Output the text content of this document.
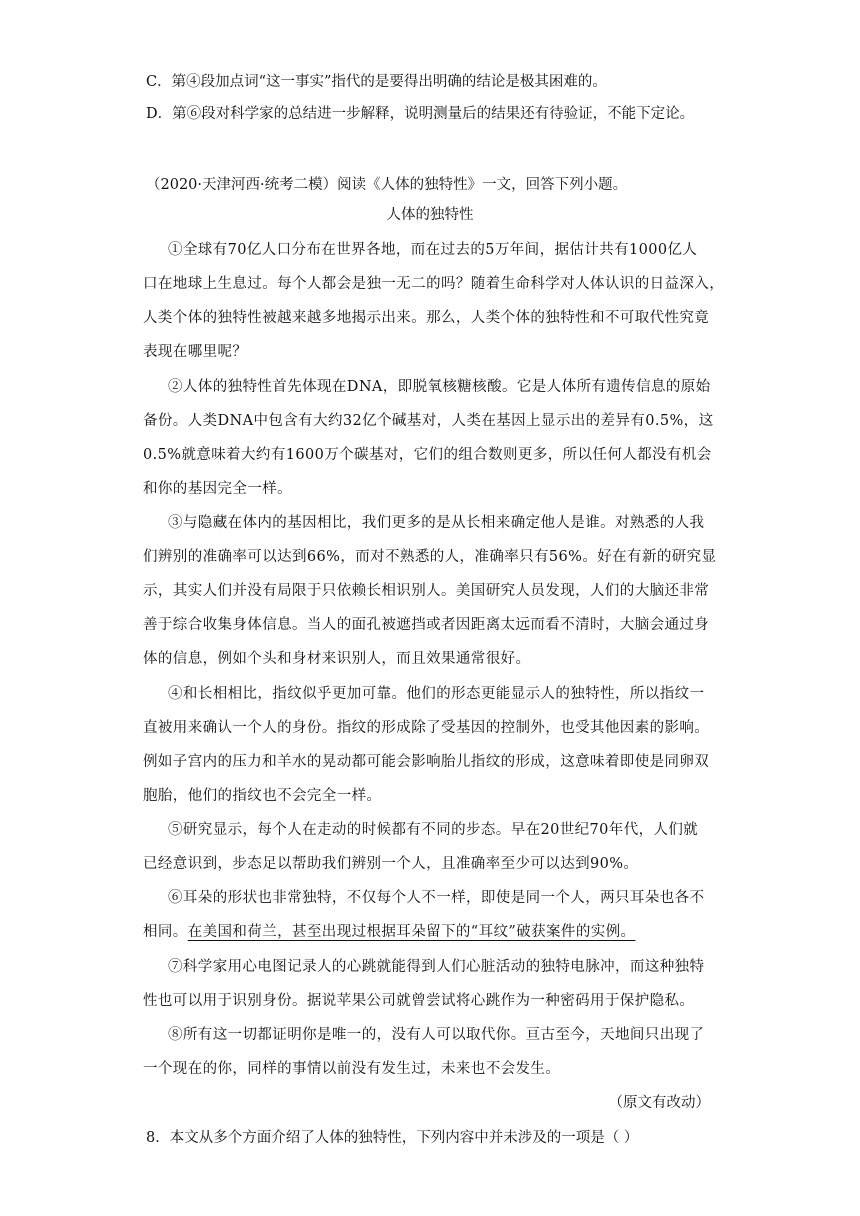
C．第④段加点词“这一事实”指代的是要得出明确的结论是极其困难的。
D．第⑥段对科学家的总结进一步解释，说明测量后的结果还有待验证，不能下定论。
（2020·天津河西·统考二模）阅读《人体的独特性》一文，回答下列小题。
人体的独特性
①全球有70亿人口分布在世界各地，而在过去的5万年间，据估计共有1000亿人
口在地球上生息过。每个人都会是独一无二的吗？随着生命科学对人体认识的日益深入，
人类个体的独特性被越来越多地揭示出来。那么，人类个体的独特性和不可取代性究竟
表现在哪里呢？
②人体的独特性首先体现在DNA，即脱氧核糖核酸。它是人体所有遗传信息的原始
备份。人类DNA中包含有大约32亿个碱基对，人类在基因上显示出的差异有0.5%，这
0.5%就意味着大约有1600万个碳基对，它们的组合数则更多，所以任何人都没有机会
和你的基因完全一样。
③与隐藏在体内的基因相比，我们更多的是从长相来确定他人是谁。对熟悉的人我
们辨别的准确率可以达到66%，而对不熟悉的人，准确率只有56%。好在有新的研究显
示，其实人们并没有局限于只依赖长相识别人。美国研究人员发现，人们的大脑还非常
善于综合收集身体信息。当人的面孔被遮挡或者因距离太远而看不清时，大脑会通过身
体的信息，例如个头和身材来识别人，而且效果通常很好。
④和长相相比，指纹似乎更加可靠。他们的形态更能显示人的独特性，所以指纹一
直被用来确认一个人的身份。指纹的形成除了受基因的控制外，也受其他因素的影响。
例如子宫内的压力和羊水的晃动都可能会影响胎儿指纹的形成，这意味着即使是同卵双
胞胎，他们的指纹也不会完全一样。
⑤研究显示，每个人在走动的时候都有不同的步态。早在20世纪70年代，人们就
已经意识到，步态足以帮助我们辨别一个人，且准确率至少可以达到90%。
⑥耳朵的形状也非常独特，不仅每个人不一样，即使是同一个人，两只耳朵也各不
相同。在美国和荷兰，甚至出现过根据耳朵留下的“耳纹”破获案件的实例。
⑦科学家用心电图记录人的心跳就能得到人们心脏活动的独特电脉冲，而这种独特
性也可以用于识别身份。据说苹果公司就曾尝试将心跳作为一种密码用于保护隐私。
⑧所有这一切都证明你是唯一的，没有人可以取代你。亘古至今，天地间只出现了
一个现在的你，同样的事情以前没有发生过，未来也不会发生。
（原文有改动）
8．本文从多个方面介绍了人体的独特性，下列内容中并未涉及的一项是（ ）
